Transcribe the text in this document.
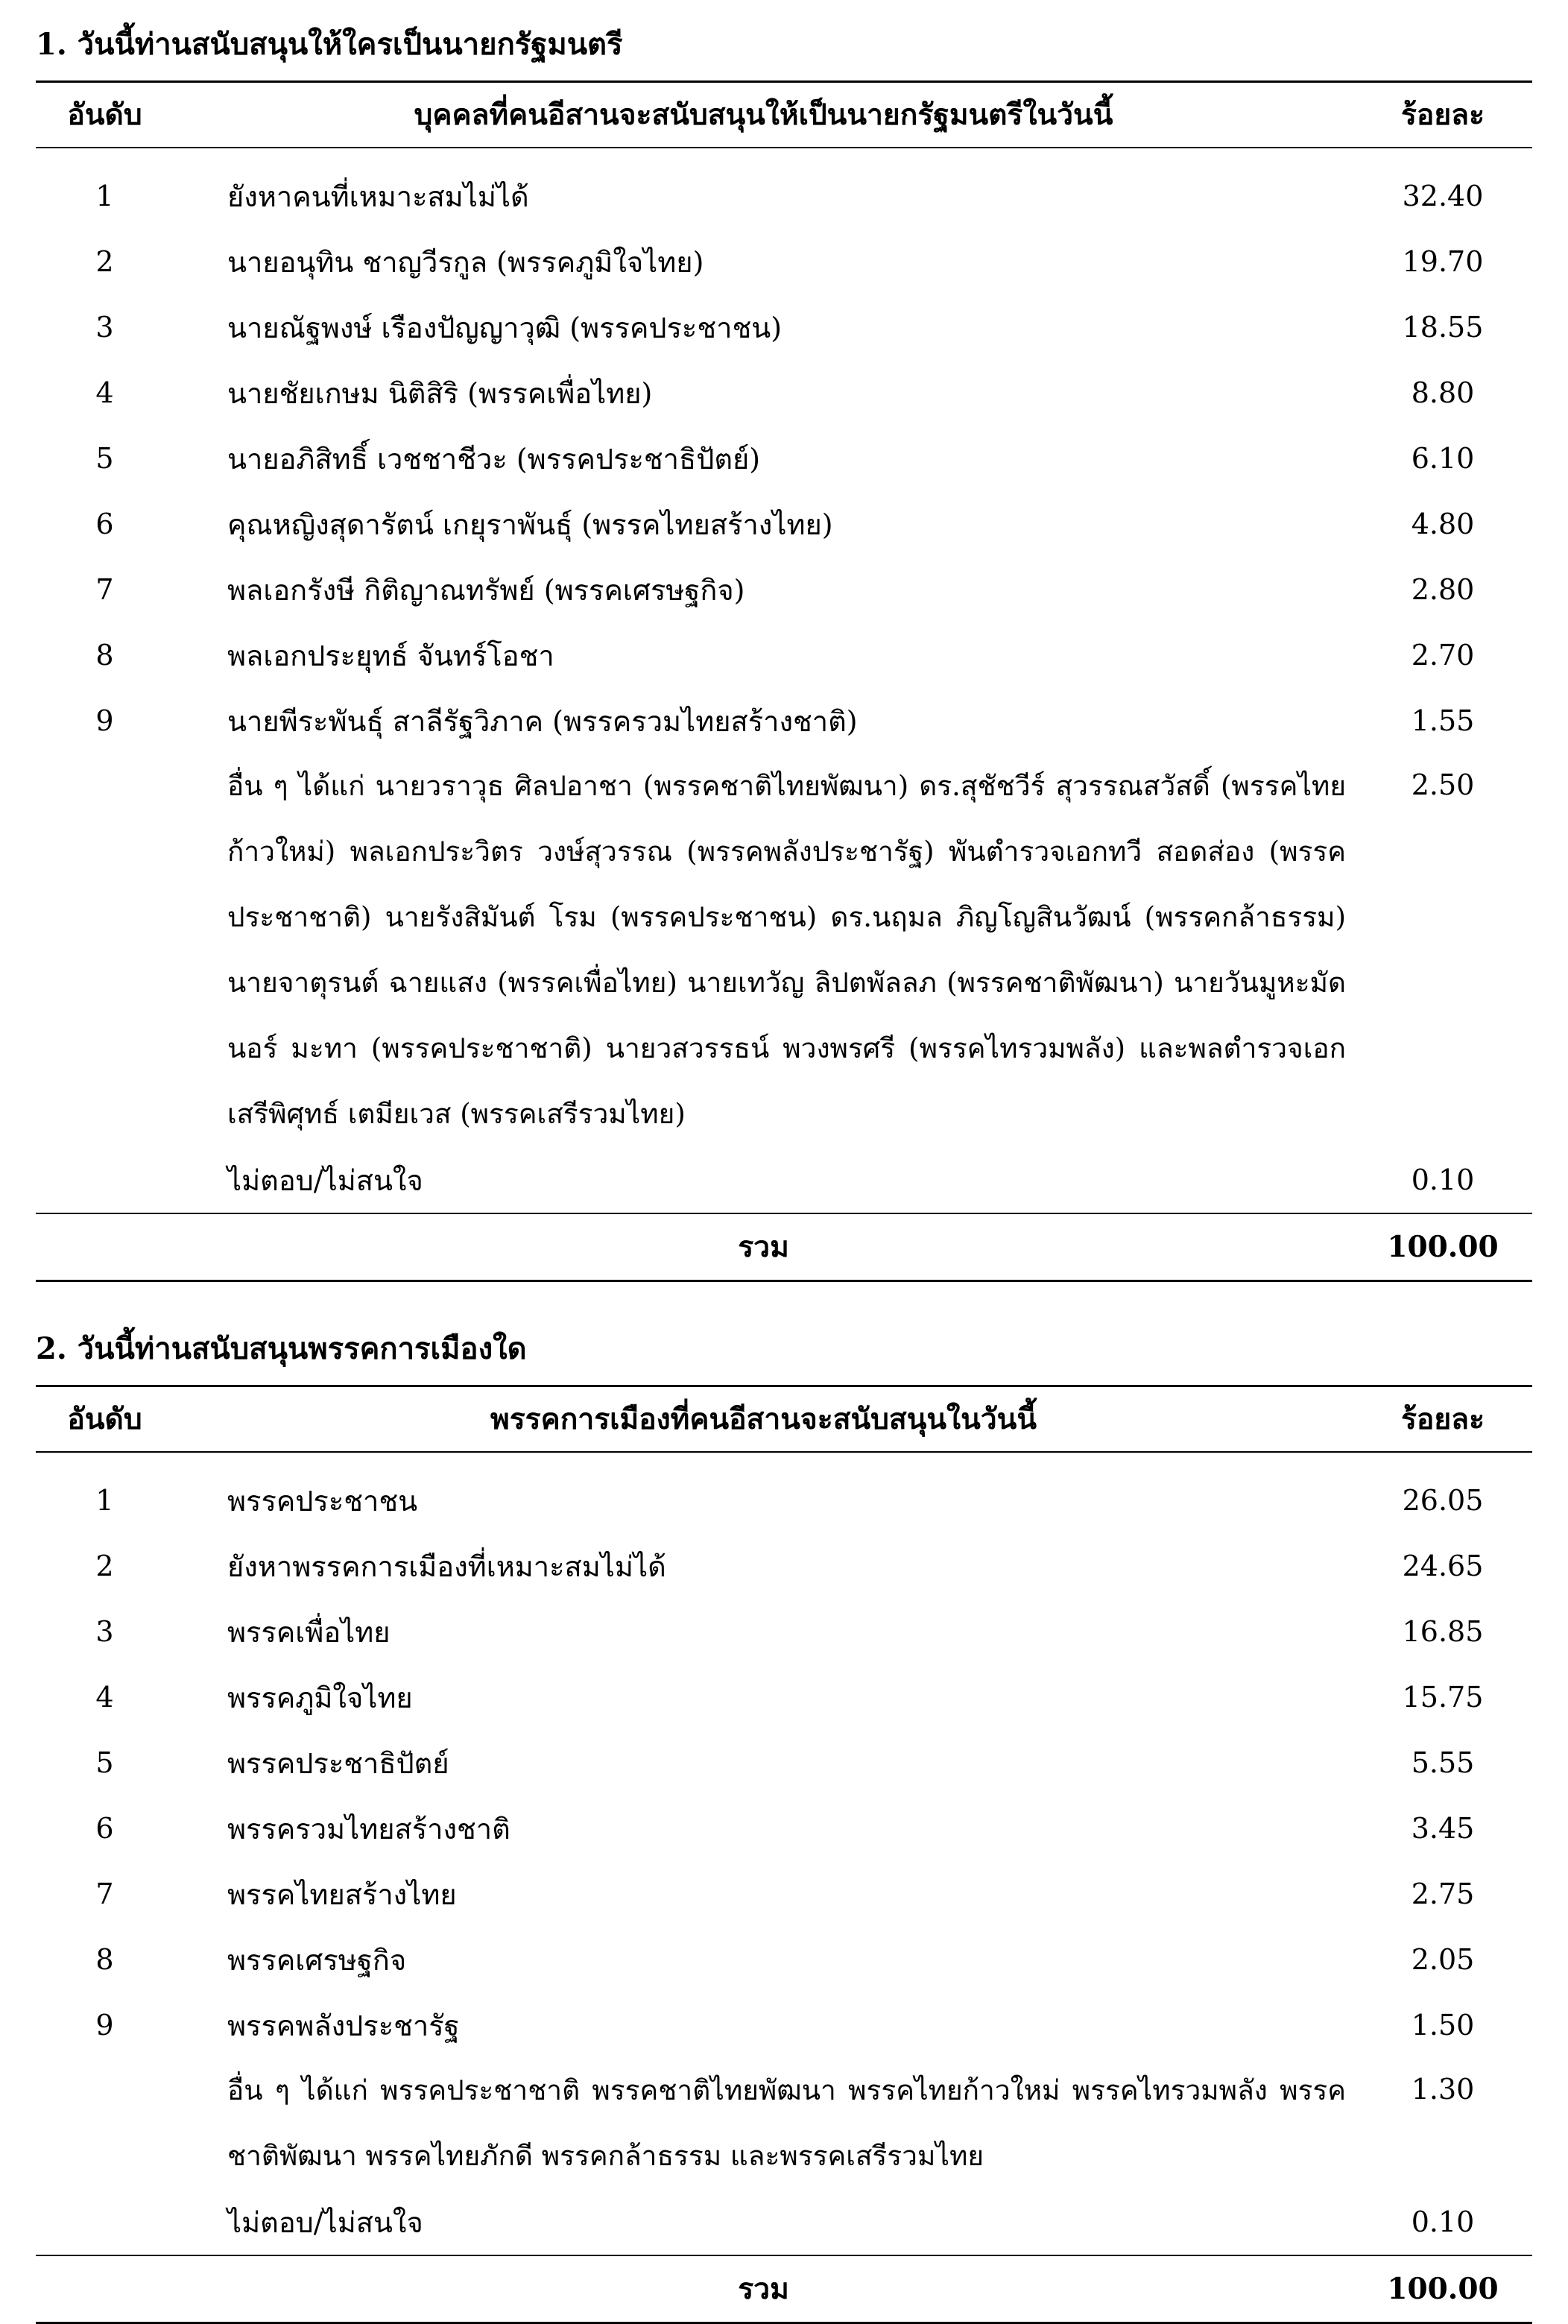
1. วันนี้ท่านสนับสนุนให้ใครเป็นนายกรัฐมนตรี
อันดับ	บุคคลที่คนอีสานจะสนับสนุนให้เป็นนายกรัฐมนตรีในวันนี้	ร้อยละ
1	ยังหาคนที่เหมาะสมไม่ได้	32.40
2	นายอนุทิน ชาญวีรกูล (พรรคภูมิใจไทย)	19.70
3	นายณัฐพงษ์ เรืองปัญญาวุฒิ (พรรคประชาชน)	18.55
4	นายชัยเกษม นิติสิริ (พรรคเพื่อไทย)	8.80
5	นายอภิสิทธิ์ เวชชาชีวะ (พรรคประชาธิปัตย์)	6.10
6	คุณหญิงสุดารัตน์ เกยุราพันธุ์ (พรรคไทยสร้างไทย)	4.80
7	พลเอกรังษี กิติญาณทรัพย์ (พรรคเศรษฐกิจ)	2.80
8	พลเอกประยุทธ์ จันทร์โอชา	2.70
9	นายพีระพันธุ์ สาลีรัฐวิภาค (พรรครวมไทยสร้างชาติ)	1.55
	อื่น ๆ ได้แก่ นายวราวุธ ศิลปอาชา (พรรคชาติไทยพัฒนา) ดร.สุชัชวีร์ สุวรรณสวัสดิ์ (พรรคไทยก้าวใหม่) พลเอกประวิตร วงษ์สุวรรณ (พรรคพลังประชารัฐ) พันตำรวจเอกทวี สอดส่อง (พรรคประชาชาติ) นายรังสิมันต์ โรม (พรรคประชาชน) ดร.นฤมล ภิญโญสินวัฒน์ (พรรคกล้าธรรม) นายจาตุรนต์ ฉายแสง (พรรคเพื่อไทย) นายเทวัญ ลิปตพัลลภ (พรรคชาติพัฒนา) นายวันมูหะมัดนอร์ มะทา (พรรคประชาชาติ) นายวสวรรธน์ พวงพรศรี (พรรคไทรวมพลัง) และพลตำรวจเอกเสรีพิศุทธ์ เตมียเวส (พรรคเสรีรวมไทย)	2.50
	ไม่ตอบ/ไม่สนใจ	0.10
	รวม	100.00
2. วันนี้ท่านสนับสนุนพรรคการเมืองใด
อันดับ	พรรคการเมืองที่คนอีสานจะสนับสนุนในวันนี้	ร้อยละ
1	พรรคประชาชน	26.05
2	ยังหาพรรคการเมืองที่เหมาะสมไม่ได้	24.65
3	พรรคเพื่อไทย	16.85
4	พรรคภูมิใจไทย	15.75
5	พรรคประชาธิปัตย์	5.55
6	พรรครวมไทยสร้างชาติ	3.45
7	พรรคไทยสร้างไทย	2.75
8	พรรคเศรษฐกิจ	2.05
9	พรรคพลังประชารัฐ	1.50
	อื่น ๆ ได้แก่ พรรคประชาชาติ พรรคชาติไทยพัฒนา พรรคไทยก้าวใหม่ พรรคไทรวมพลัง พรรคชาติพัฒนา พรรคไทยภักดี พรรคกล้าธรรม และพรรคเสรีรวมไทย	1.30
	ไม่ตอบ/ไม่สนใจ	0.10
	รวม	100.00
